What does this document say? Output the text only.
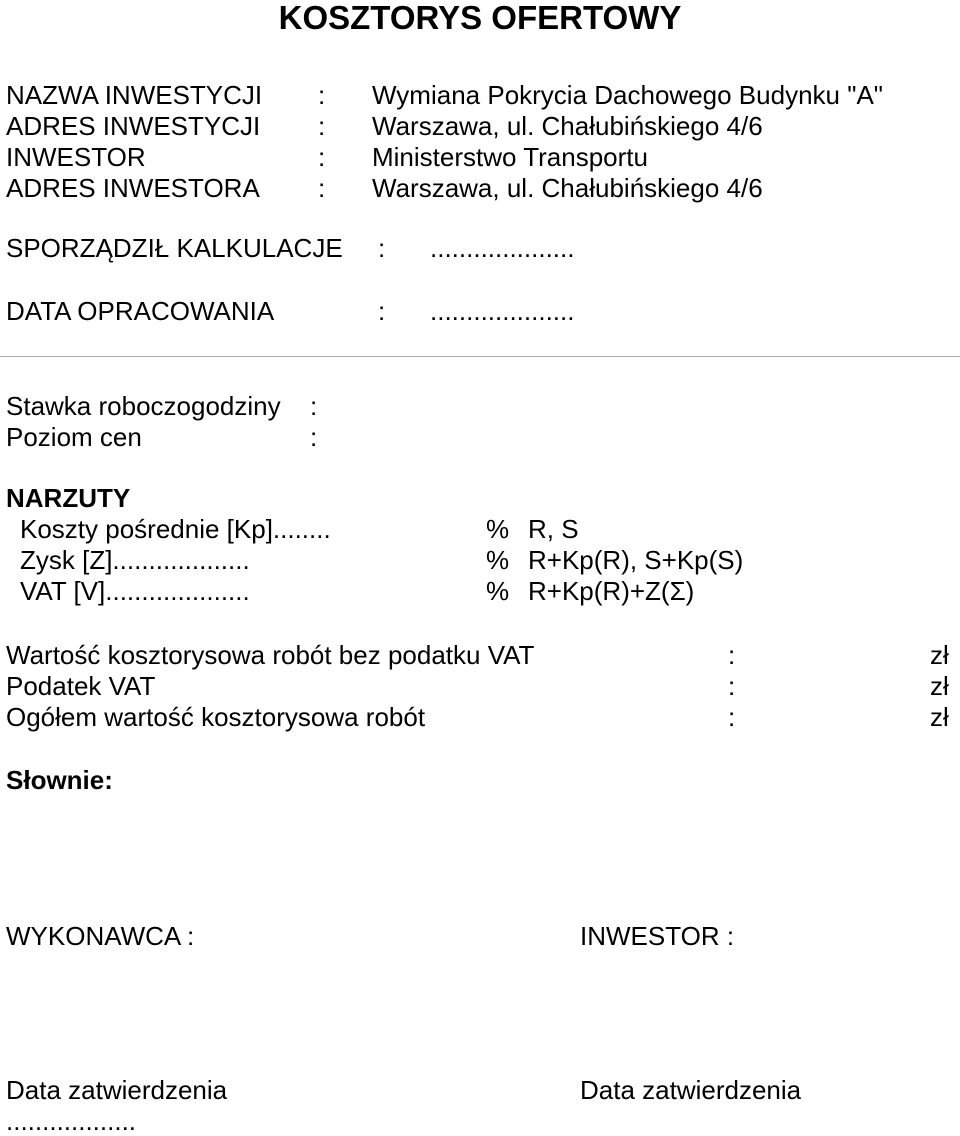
KOSZTORYS OFERTOWY
NAZWA INWESTYCJI : Wymiana Pokrycia Dachowego Budynku "A"
ADRES INWESTYCJI : Warszawa, ul. Chałubińskiego 4/6
INWESTOR	: Ministerstwo Transportu
ADRES INWESTORA : Warszawa, ul. Chałubińskiego 4/6
SPORZĄDZIŁ KALKULACJE : ....................
DATA OPRACOWANIA	: ....................
Stawka roboczogodziny :
Poziom cen	:
NARZUTY
Koszty pośrednie [Kp]........	% R, S
Zysk [Z]...................	% R+Kp(R), S+Kp(S)
VAT [V]....................	% R+Kp(R)+Z(Σ)
Wartość kosztorysowa robót bez podatku VAT	:	zł
Podatek VAT	:	zł
Ogółem wartość kosztorysowa robót	:	zł
Słownie:
WYKONAWCA :	INWESTOR :
Data zatwierdzenia	Data zatwierdzenia
..................
